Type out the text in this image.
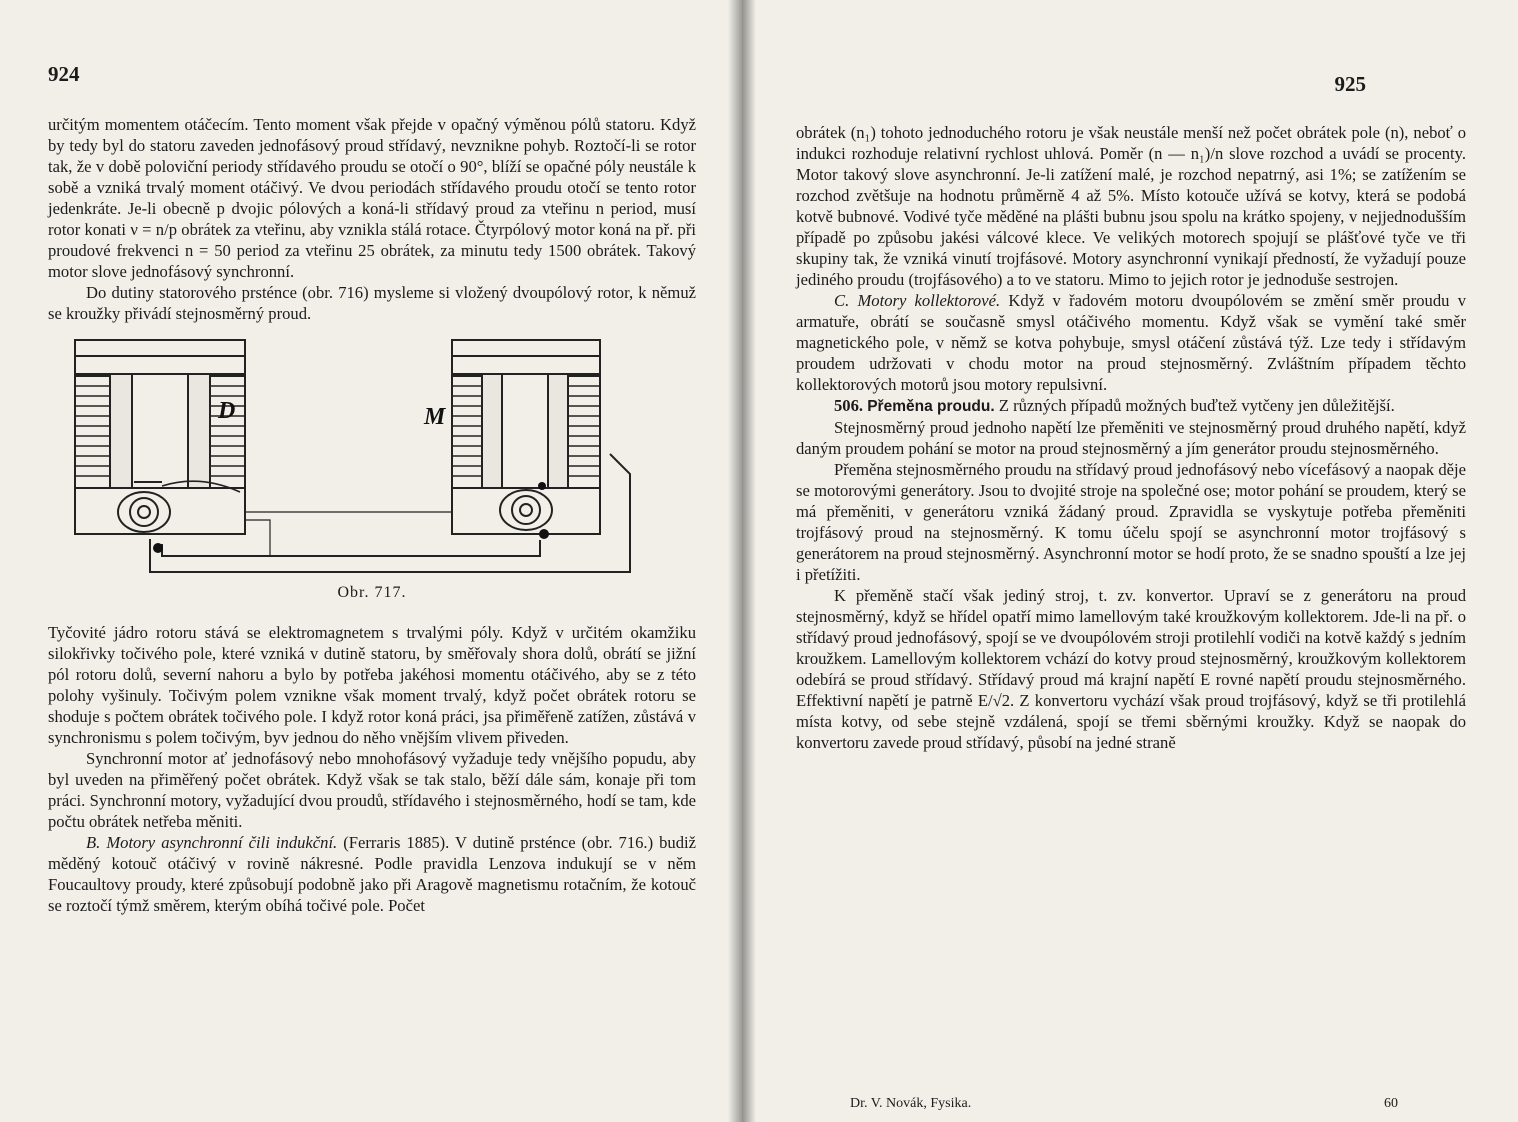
924

určitým momentem otáčecím. Tento moment však přejde v opačný výměnou pólů statoru. Když by tedy byl do statoru zaveden jednofásový proud střídavý, nevznikne pohyb. Roztočí-li se rotor tak, že v době poloviční periody střídavého proudu se otočí o 90°, blíží se opačné póly neustále k sobě a vzniká trvalý moment otáčivý. Ve dvou periodách střídavého proudu otočí se tento rotor jedenkráte. Je-li obecně p dvojic pólových a koná-li střídavý proud za vteřinu n period, musí rotor konati ν = n/p obrátek za vteřinu, aby vznikla stálá rotace. Čtyrpólový motor koná na př. při proudové frekvenci n = 50 period za vteřinu 25 obrátek, za minutu tedy 1500 obrátek. Takový motor slove jednofásový synchronní.

Do dutiny statorového prsténce (obr. 716) mysleme si vložený dvoupólový rotor, k němuž se kroužky přivádí stejnosměrný proud.

D	M
Obr. 717.

Tyčovité jádro rotoru stává se elektromagnetem s trvalými póly. Když v určitém okamžiku silokřivky točivého pole, které vzniká v dutině statoru, by směřovaly shora dolů, obrátí se jižní pól rotoru dolů, severní nahoru a bylo by potřeba jakéhosi momentu otáčivého, aby se z této polohy vyšinuly. Točivým polem vznikne však moment trvalý, když počet obrátek rotoru se shoduje s počtem obrátek točivého pole. I když rotor koná práci, jsa přiměřeně zatížen, zůstává v synchronismu s polem točivým, byv jednou do něho vnějším vlivem přiveden.

Synchronní motor ať jednofásový nebo mnohofásový vyžaduje tedy vnějšího popudu, aby byl uveden na přiměřený počet obrátek. Když však se tak stalo, běží dále sám, konaje při tom práci. Synchronní motory, vyžadující dvou proudů, střídavého i stejnosměrného, hodí se tam, kde počtu obrátek netřeba měniti.

B. Motory asynchronní čili indukční. (Ferraris 1885). V dutině prsténce (obr. 716.) budiž měděný kotouč otáčivý v rovině nákresné. Podle pravidla Lenzova indukují se v něm Foucaultovy proudy, které způsobují podobně jako při Aragově magnetismu rotačním, že kotouč se roztočí týmž směrem, kterým obíhá točivé pole. Počet

925

obrátek (n₁) tohoto jednoduchého rotoru je však neustále menší než počet obrátek pole (n), neboť o indukci rozhoduje relativní rychlost uhlová. Poměr (n — n₁)/n slove rozchod a uvádí se procenty. Motor takový slove asynchronní. Je-li zatížení malé, je rozchod nepatrný, asi 1%; se zatížením se rozchod zvětšuje na hodnotu průměrně 4 až 5%. Místo kotouče užívá se kotvy, která se podobá kotvě bubnové. Vodivé tyče měděné na plášti bubnu jsou spolu na krátko spojeny, v nejjednodušším případě po způsobu jakési válcové klece. Ve velikých motorech spojují se plášťové tyče ve tři skupiny tak, že vzniká vinutí trojfásové. Motory asynchronní vynikají předností, že vyžadují pouze jediného proudu (trojfásového) a to ve statoru. Mimo to jejich rotor je jednoduše sestrojen.

C. Motory kollektorové. Když v řadovém motoru dvoupólovém se změní směr proudu v armatuře, obrátí se současně smysl otáčivého momentu. Když však se vymění také směr magnetického pole, v němž se kotva pohybuje, smysl otáčení zůstává týž. Lze tedy i střídavým proudem udržovati v chodu motor na proud stejnosměrný. Zvláštním případem těchto kollektorových motorů jsou motory repulsivní.

506. Přeměna proudu. Z různých případů možných buďtež vytčeny jen důležitější.

Stejnosměrný proud jednoho napětí lze přeměniti ve stejnosměrný proud druhého napětí, když daným proudem pohání se motor na proud stejnosměrný a jím generátor proudu stejnosměrného.

Přeměna stejnosměrného proudu na střídavý proud jednofásový nebo vícefásový a naopak děje se motorovými generátory. Jsou to dvojité stroje na společné ose; motor pohání se proudem, který se má přeměniti, v generátoru vzniká žádaný proud. Zpravidla se vyskytuje potřeba přeměniti trojfásový proud na stejnosměrný. K tomu účelu spojí se asynchronní motor trojfásový s generátorem na proud stejnosměrný. Asynchronní motor se hodí proto, že se snadno spouští a lze jej i přetížiti.

K přeměně stačí však jediný stroj, t. zv. konvertor. Upraví se z generátoru na proud stejnosměrný, když se hřídel opatří mimo lamellovým také kroužkovým kollektorem. Jde-li na př. o střídavý proud jednofásový, spojí se ve dvoupólovém stroji protilehlí vodiči na kotvě každý s jedním kroužkem. Lamellovým kollektorem vchází do kotvy proud stejnosměrný, kroužkovým kollektorem odebírá se proud střídavý. Střídavý proud má krajní napětí E rovné napětí proudu stejnosměrného. Effektivní napětí je patrně E/√2. Z konvertoru vychází však proud trojfásový, když se tři protilehlá místa kotvy, od sebe stejně vzdálená, spojí se třemi sběrnými kroužky. Když se naopak do konvertoru zavede proud střídavý, působí na jedné straně

Dr. V. Novák, Fysika.	60
